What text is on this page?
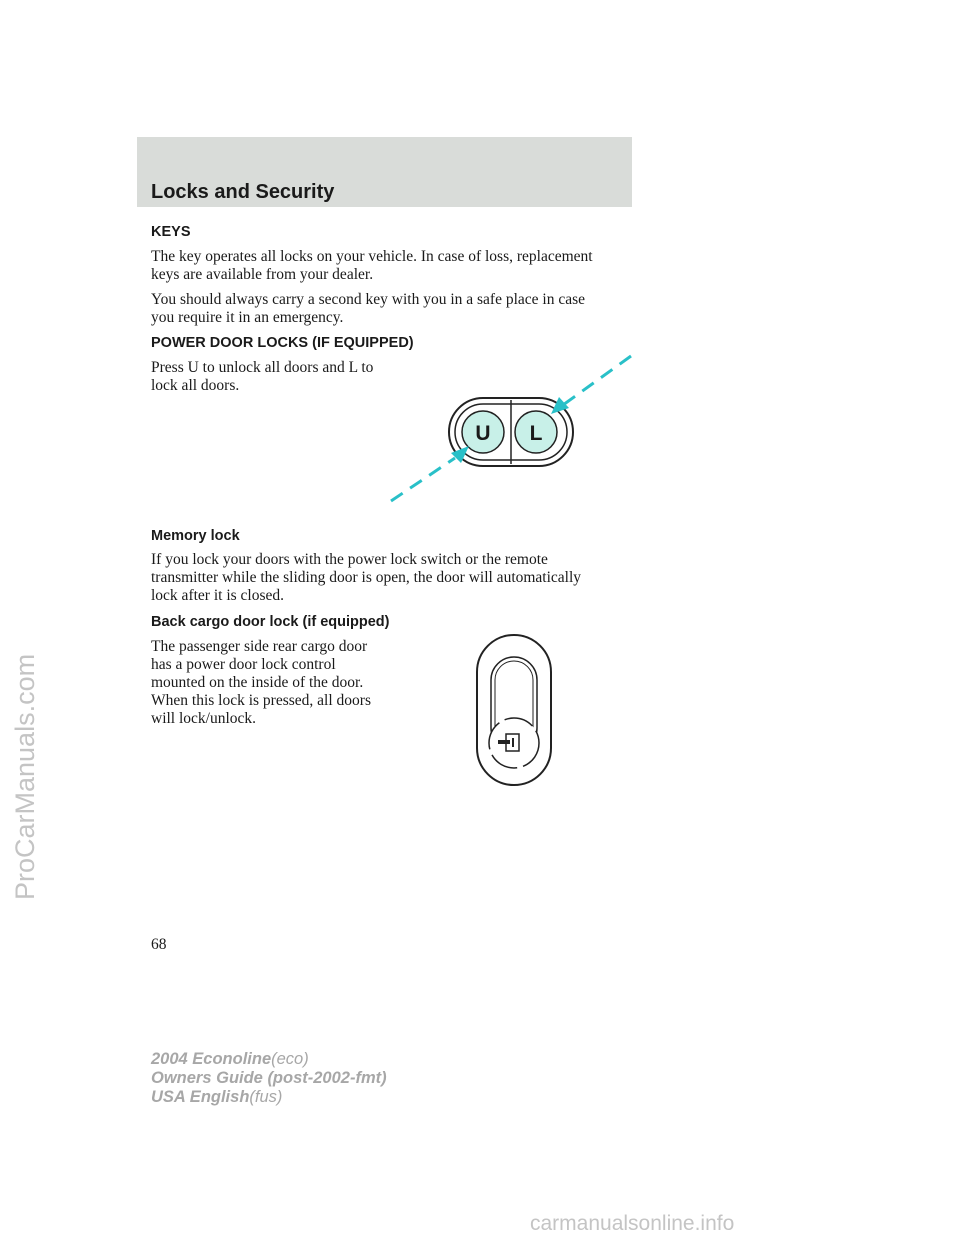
Locks and Security
KEYS

The key operates all locks on your vehicle. In case of loss, replacement
keys are available from your dealer.

You should always carry a second key with you in a safe place in case
you require it in an emergency.

POWER DOOR LOCKS (IF EQUIPPED)

Press U to unlock all doors and L to
lock all doors.

U L
Memory lock

If you lock your doors with the power lock switch or the remote
transmitter while the sliding door is open, the door will automatically
lock after it is closed.

Back cargo door lock (if equipped)

The passenger side rear cargo door
has a power door lock control
mounted on the inside of the door.
When this lock is pressed, all doors
will lock/unlock.

68

2004 Econoline(eco)
Owners Guide (post-2002-fmt)
USA English(fus)
ProCarManuals.com
carmanualsonline.info
